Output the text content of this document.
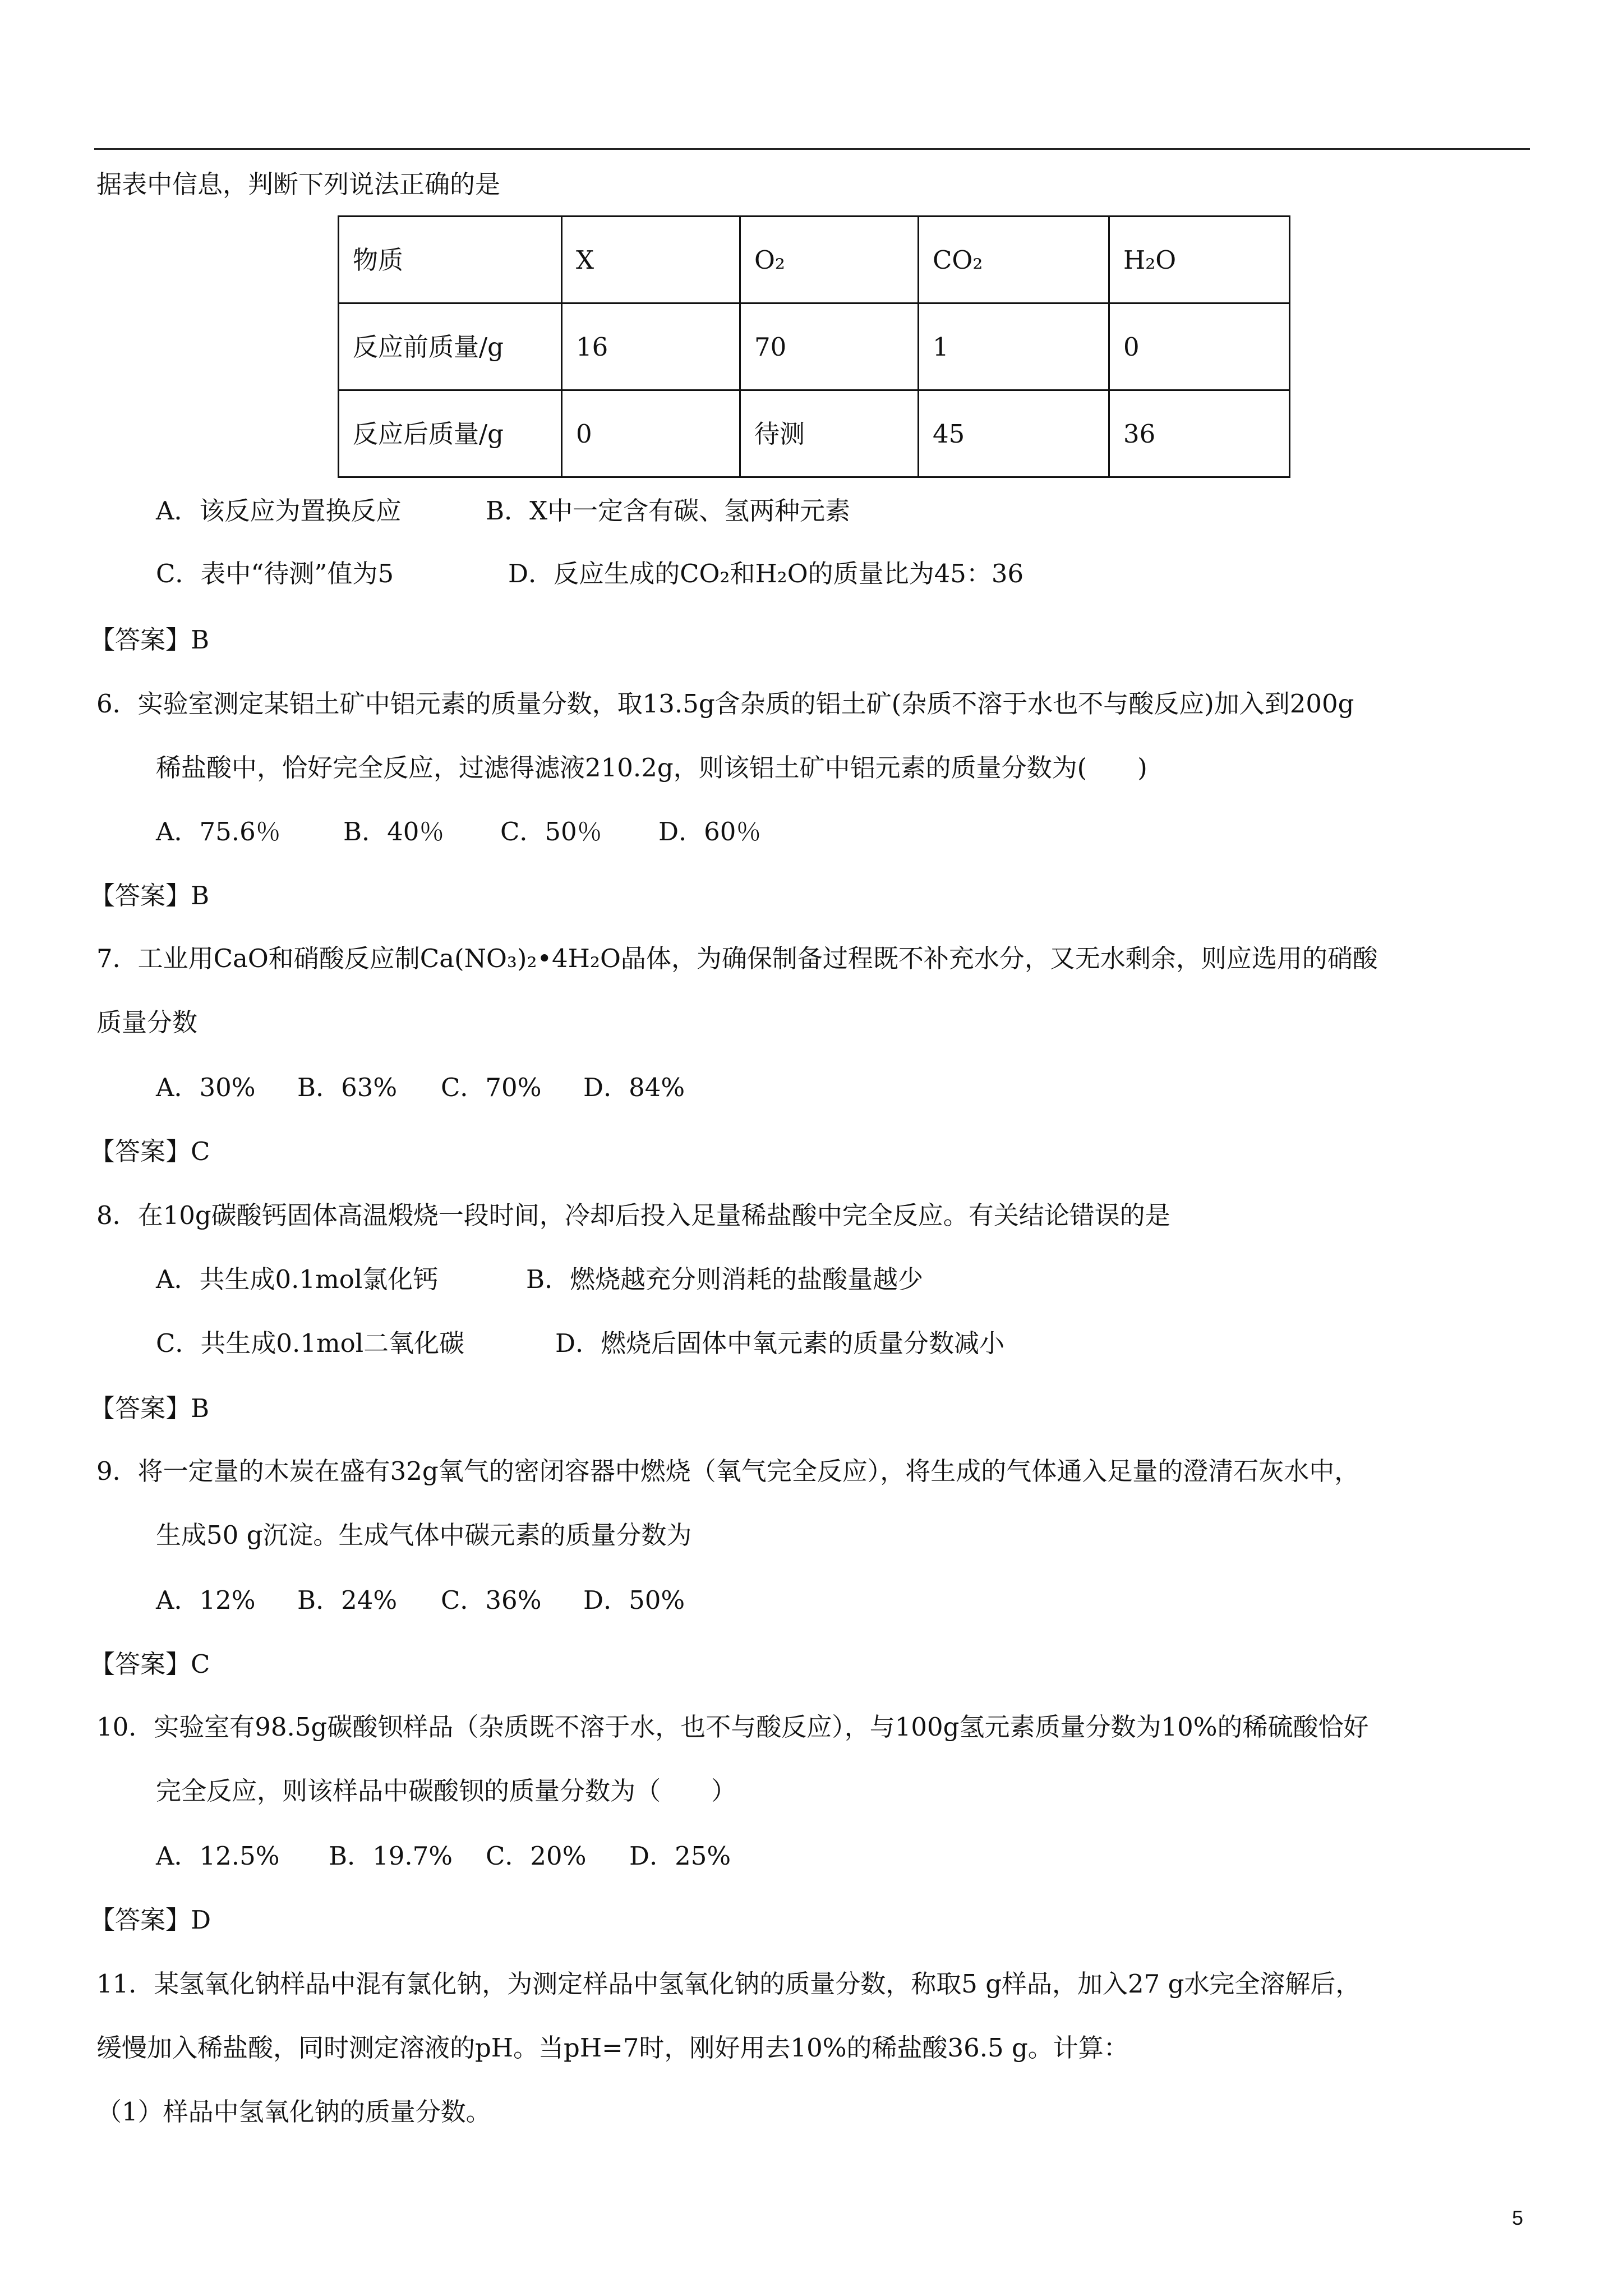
据表中信息，判断下列说法正确的是
物质	X	O₂	CO₂	H₂O
反应前质量/g	16	70	1	0
反应后质量/g	0	待测	45	36
A．该反应为置换反应	B．X中一定含有碳、氢两种元素
C．表中“待测”值为5	D．反应生成的CO₂和H₂O的质量比为45：36
【答案】B
6．实验室测定某铝土矿中铝元素的质量分数，取13.5g含杂质的铝土矿(杂质不溶于水也不与酸反应)加入到200g
稀盐酸中，恰好完全反应，过滤得滤液210.2g，则该铝土矿中铝元素的质量分数为(　　)
A．75.6％ B．40％ C．50％ D．60％
【答案】B
7．工业用CaO和硝酸反应制Ca(NO₃)₂•4H₂O晶体，为确保制备过程既不补充水分，又无水剩余，则应选用的硝酸
质量分数
A．30% B．63% C．70% D．84%
【答案】C
8．在10g碳酸钙固体高温煅烧一段时间，冷却后投入足量稀盐酸中完全反应。有关结论错误的是
A．共生成0.1mol氯化钙	B．燃烧越充分则消耗的盐酸量越少
C．共生成0.1mol二氧化碳	D．燃烧后固体中氧元素的质量分数减小
【答案】B
9．将一定量的木炭在盛有32g氧气的密闭容器中燃烧（氧气完全反应），将生成的气体通入足量的澄清石灰水中，
生成50 g沉淀。生成气体中碳元素的质量分数为
A．12% B．24% C．36% D．50%
【答案】C
10．实验室有98.5g碳酸钡样品（杂质既不溶于水，也不与酸反应），与100g氢元素质量分数为10%的稀硫酸恰好
完全反应，则该样品中碳酸钡的质量分数为（　　）
A．12.5% B．19.7% C．20% D．25%
【答案】D
11．某氢氧化钠样品中混有氯化钠，为测定样品中氢氧化钠的质量分数，称取5 g样品，加入27 g水完全溶解后，
缓慢加入稀盐酸，同时测定溶液的pH。当pH=7时，刚好用去10%的稀盐酸36.5 g。计算：
（1）样品中氢氧化钠的质量分数。
5
